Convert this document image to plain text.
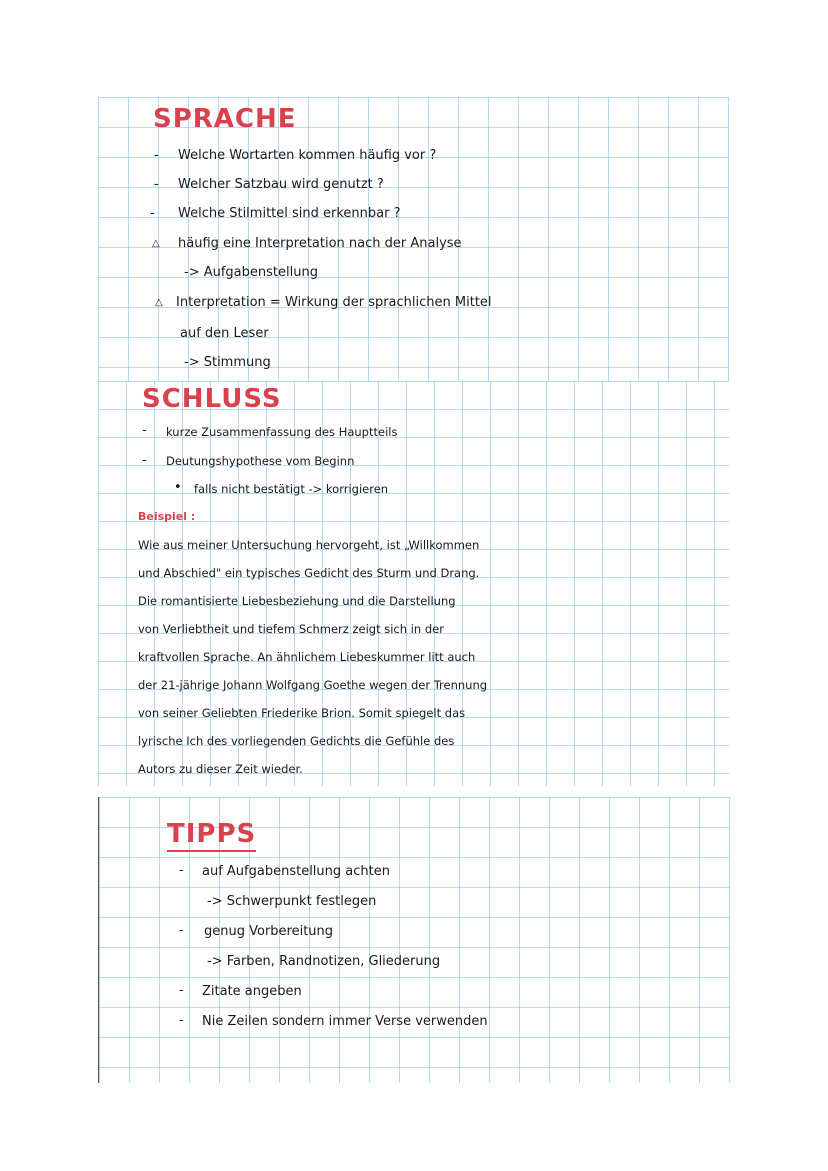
SPRACHE
- Welche Wortarten kommen häufig vor ?
- Welcher Satzbau wird genutzt ?
- Welche Stilmittel sind erkennbar ?
△ häufig eine Interpretation nach der Analyse
-> Aufgabenstellung
△ Interpretation = Wirkung der sprachlichen Mittel
auf den Leser
-> Stimmung
SCHLUSS
- kurze Zusammenfassung des Hauptteils
- Deutungshypothese vom Beginn
• falls nicht bestätigt -> korrigieren
Beispiel :
Wie aus meiner Untersuchung hervorgeht, ist „Willkommen
und Abschied" ein typisches Gedicht des Sturm und Drang.
Die romantisierte Liebesbeziehung und die Darstellung
von Verliebtheit und tiefem Schmerz zeigt sich in der
kraftvollen Sprache. An ähnlichem Liebeskummer litt auch
der 21-jährige Johann Wolfgang Goethe wegen der Trennung
von seiner Geliebten Friederike Brion. Somit spiegelt das
lyrische Ich des vorliegenden Gedichts die Gefühle des
Autors zu dieser Zeit wieder.
TIPPS
- auf Aufgabenstellung achten
-> Schwerpunkt festlegen
- genug Vorbereitung
-> Farben, Randnotizen, Gliederung
- Zitate angeben
- Nie Zeilen sondern immer Verse verwenden
